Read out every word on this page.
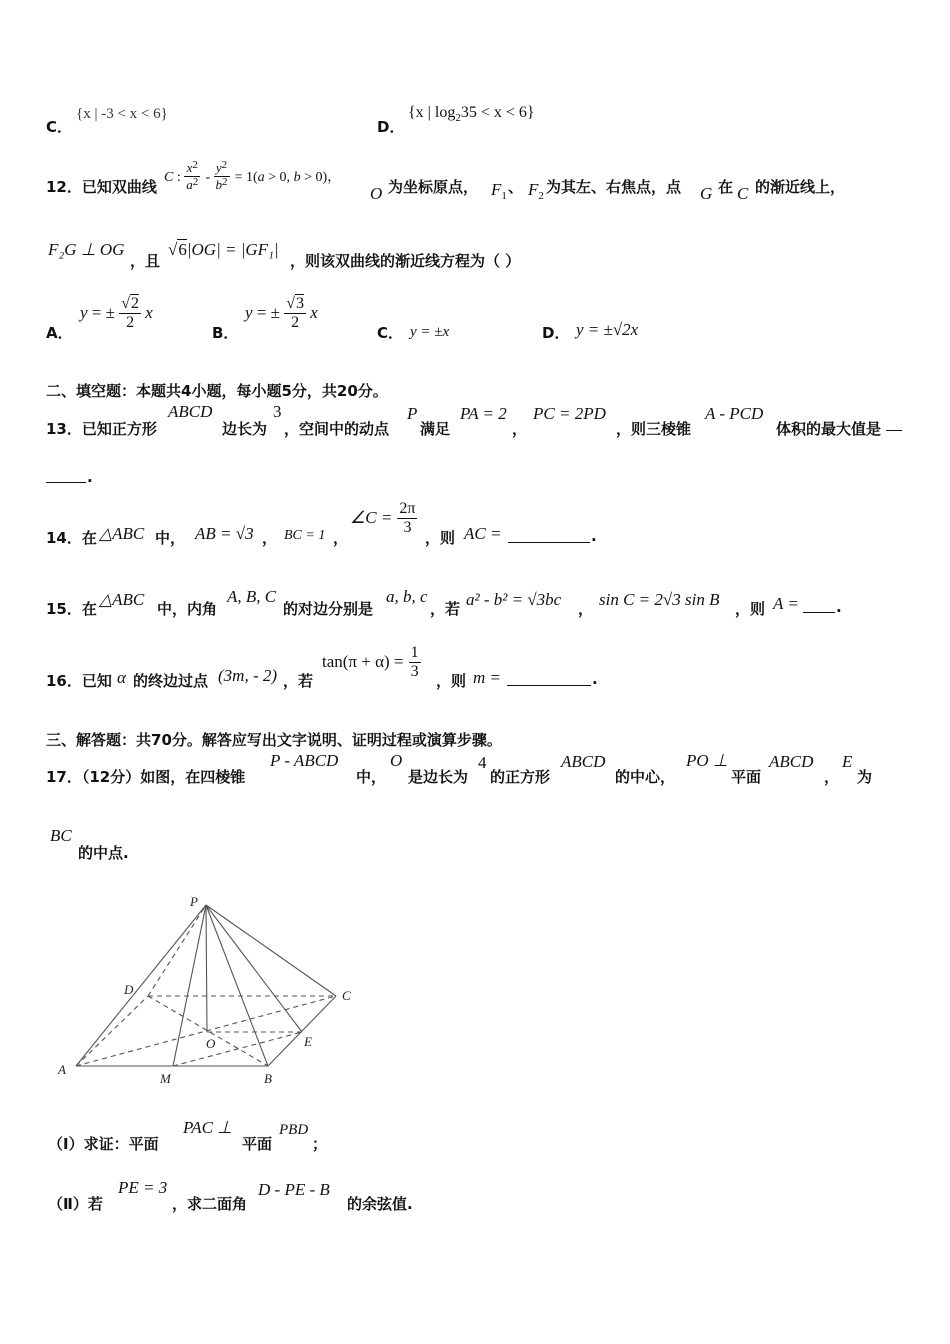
C．
{x | -3 < x < 6}
D．
{x | $\log_235 < x < 6$}
12．已知双曲线
C : $\frac{x^2}{a^2} - \frac{y^2}{b^2} = 1(a > 0$, b > 0)，
O 为坐标原点， $F_1$ 、 $F_2$ 为其左、右焦点，点 G 在 C 的渐近线上，
F₂G ⊥ OG
，且
√6|OG| = |GF₁|
，则该双曲线的渐近线方程为（ ）
A．
y = ± $\frac{√2}{2}$ x
B．
y = ± $\frac{√3}{2}$ x
C． y = ±x	D． y = ±√2x
二、填空题：本题共4小题，每小题5分，共20分。
13．已知正方形
ABCD
边长为
3
，空间中的动点
P
满足
PA = 2
，
PC = 2PD
，则三棱锥
A - PCD
体积的最大值是
.
14．在 △ABC 中， AB = √3 ， BC = 1 ，
∠C = $\frac{2\pi}{3}$
，则 AC =	.
15．在 △ABC 中，内角
A, B, C
的对边分别是
a, b, c
，若 a² - b² = √3bc ， sin C = 2√3 sin B ，则 A = .
16．已知 α 的终边过点 (3m, - 2) ，若
$\tan(\pi + \alpha) = \frac{1}{3}$ ，则 m =	.
三、解答题：共70分。解答应写出文字说明、证明过程或演算步骤。
17．（12分）如图，在四棱锥
P - ABCD
中，
O
是边长为
4
的正方形
ABCD
的中心，
PO ⊥
平面
ABCD
，
E
为
BC
的中点.
P
D	C
O	E
A
M	B
（Ⅰ）求证：平面
PAC ⊥
平面
PBD
；
（Ⅱ）若
PE = 3
，求二面角
D - PE - B
的余弦值.
